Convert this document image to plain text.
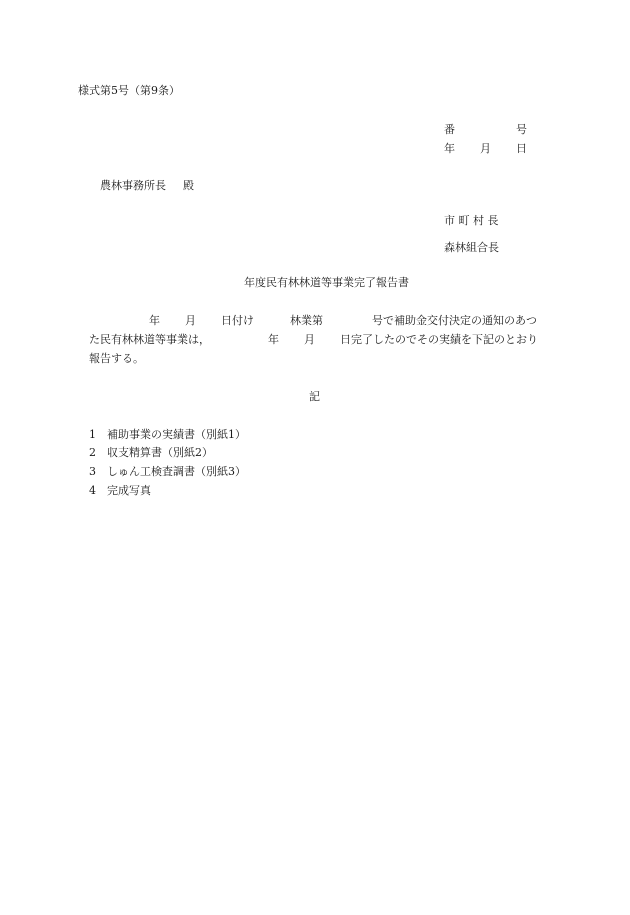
様式第5号（第9条）
番	号
年 月 日
農林事務所長 殿
市 町 村 長
森林組合長
年度民有林林道等事業完了報告書
年 月 日付け	林業第	号で補助金交付決定の通知のあつ
た民有林林道等事業は，	年 月 日完了したのでその実績を下記のとおり
報告する。
記
1 補助事業の実績書（別紙1）
2 収支精算書（別紙2）
3 しゅん工検査調書（別紙3）
4 完成写真
